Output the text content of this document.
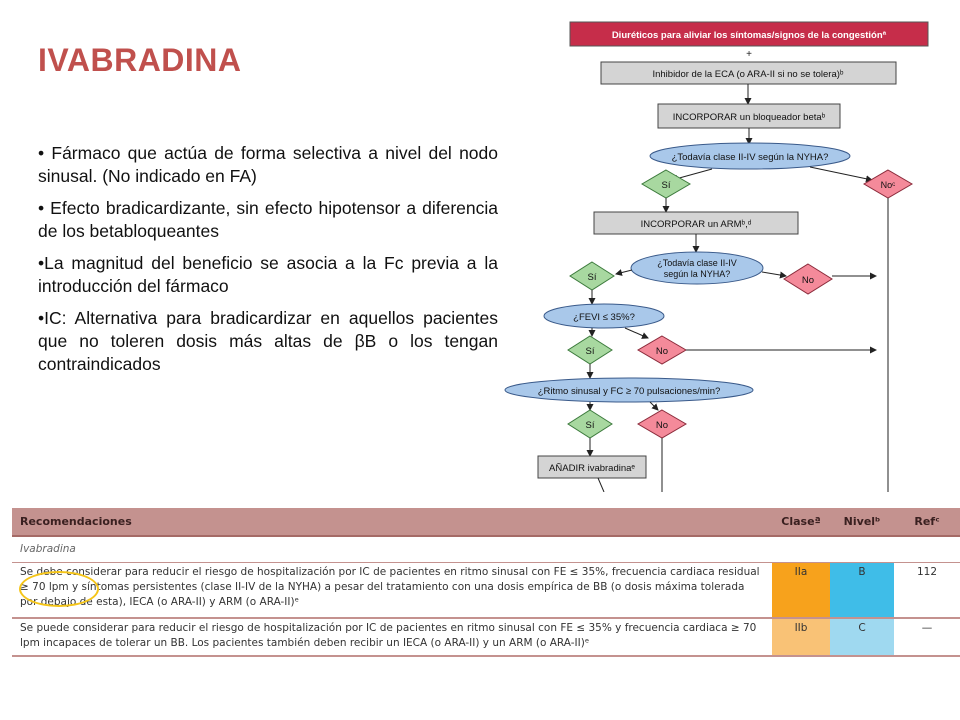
IVABRADINA

• Fármaco que actúa de forma selectiva a nivel del nodo sinusal. (No indicado en FA)

• Efecto bradicardizante, sin efecto hipotensor a diferencia de los betabloqueantes

•La magnitud del beneficio se asocia a la Fc previa a la introducción del fármaco

•IC: Alternativa para bradicardizar en aquellos pacientes que no toleren dosis más altas de βB o los tengan contraindicados

Diuréticos para aliviar los síntomas/signos de la congestiónª
+
Inhibidor de la ECA (o ARA-II si no se tolera)ᵇ
INCORPORAR un bloqueador betaᵇ
¿Todavía clase II-IV según la NYHA?
Sí	Noᶜ
INCORPORAR un ARMᵇ,ᵈ
¿Todavía clase II-IV
según la NYHA?
Sí	No
¿FEVI ≤ 35%?
Sí	No
¿Ritmo sinusal y FC ≥ 70 pulsaciones/min?
Sí	No
AÑADIR ivabradinaᵉ
Recomendaciones	Claseª	Nivelᵇ	Refᶜ
Ivabradina			
Se debe considerar para reducir el riesgo de hospitalización por IC de pacientes en ritmo sinusal con FE ≤ 35%, frecuencia cardiaca residual ≥ 70 lpm y síntomas persistentes (clase II-IV de la NYHA) a pesar del tratamiento con una dosis empírica de BB (o dosis máxima tolerada por debajo de esta), IECA (o ARA-II) y ARM (o ARA-II)ᵉ	IIa	B	112
Se puede considerar para reducir el riesgo de hospitalización por IC de pacientes en ritmo sinusal con FE ≤ 35% y frecuencia cardiaca ≥ 70 lpm incapaces de tolerar un BB. Los pacientes también deben recibir un IECA (o ARA-II) y un ARM (o ARA-II)ᵉ	IIb	C	—
